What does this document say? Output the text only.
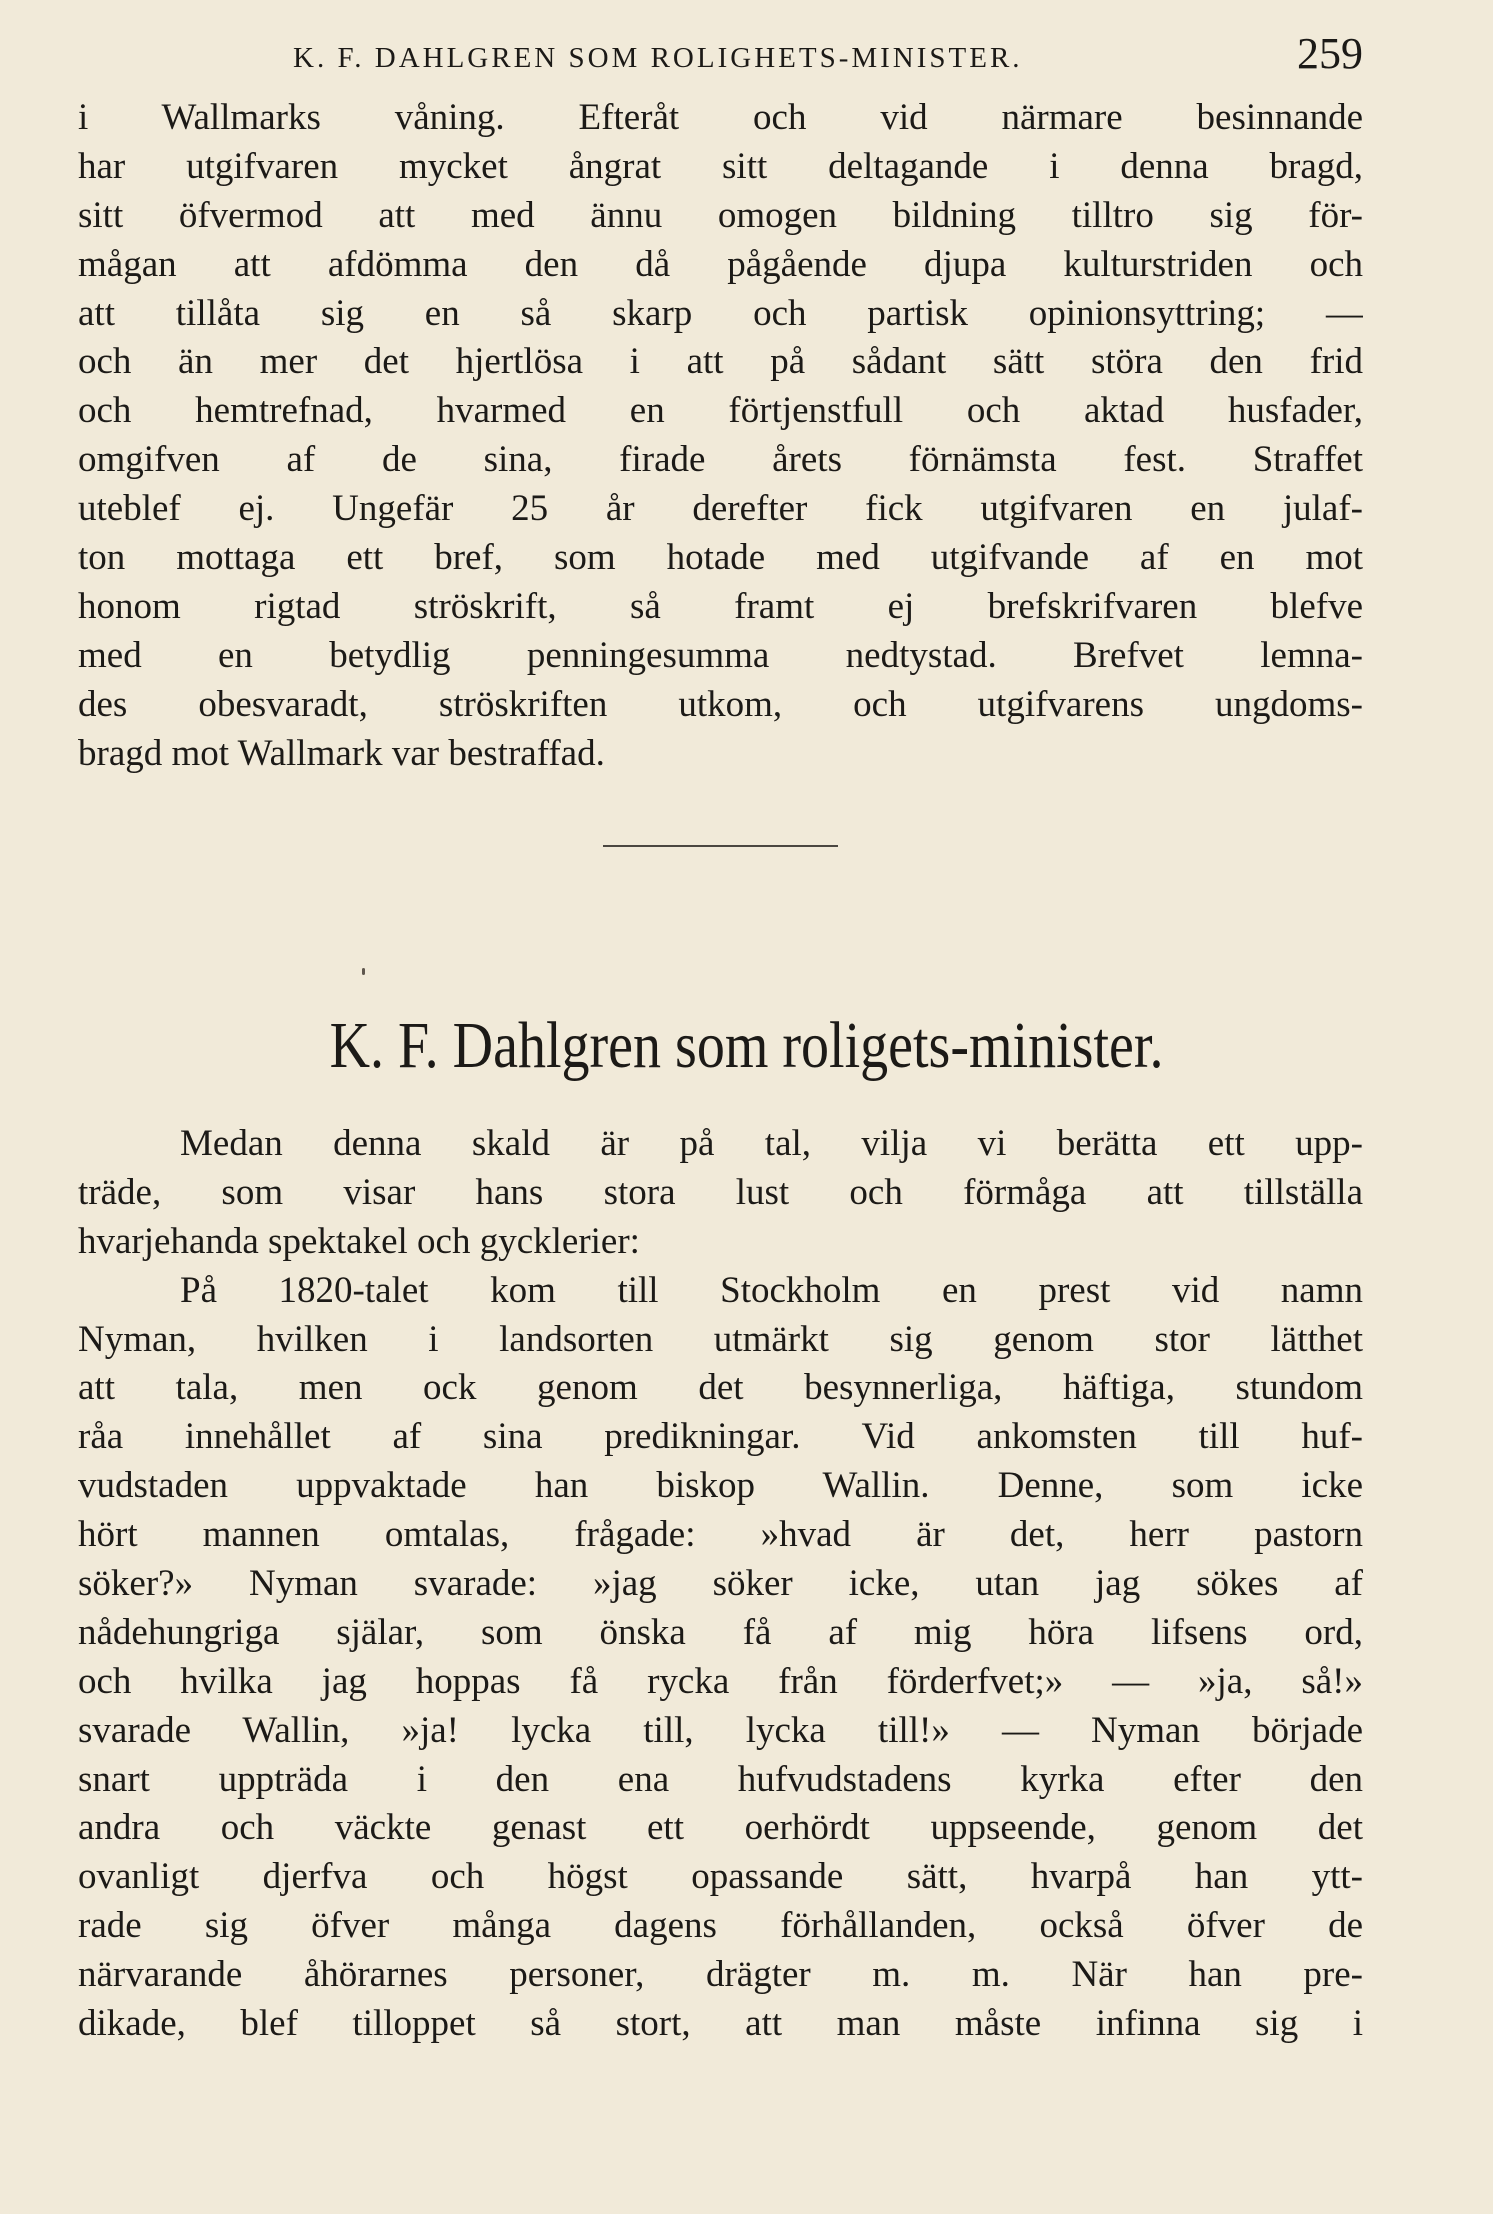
K. F. DAHLGREN SOM ROLIGHETS-MINISTER.	259
i Wallmarks våning. Efteråt och vid närmare besinnande
har utgifvaren mycket ångrat sitt deltagande i denna bragd,
sitt öfvermod att med ännu omogen bildning tilltro sig för-
mågan att afdömma den då pågående djupa kulturstriden och
att tillåta sig en så skarp och partisk opinionsyttring; —
och än mer det hjertlösa i att på sådant sätt störa den frid
och hemtrefnad, hvarmed en förtjenstfull och aktad husfader,
omgifven af de sina, firade årets förnämsta fest. Straffet
uteblef ej. Ungefär 25 år derefter fick utgifvaren en julaf-
ton mottaga ett bref, som hotade med utgifvande af en mot
honom rigtad ströskrift, så framt ej brefskrifvaren blefve
med en betydlig penningesumma nedtystad. Brefvet lemna-
des obesvaradt, ströskriften utkom, och utgifvarens ungdoms-
bragd mot Wallmark var bestraffad.
K. F. Dahlgren som roligets-minister.
Medan denna skald är på tal, vilja vi berätta ett upp-
träde, som visar hans stora lust och förmåga att tillställa
hvarjehanda spektakel och gycklerier:
På 1820-talet kom till Stockholm en prest vid namn
Nyman, hvilken i landsorten utmärkt sig genom stor lätthet
att tala, men ock genom det besynnerliga, häftiga, stundom
råa innehållet af sina predikningar. Vid ankomsten till huf-
vudstaden uppvaktade han biskop Wallin. Denne, som icke
hört mannen omtalas, frågade: »hvad är det, herr pastorn
söker?» Nyman svarade: »jag söker icke, utan jag sökes af
nådehungriga själar, som önska få af mig höra lifsens ord,
och hvilka jag hoppas få rycka från förderfvet;» — »ja, så!»
svarade Wallin, »ja! lycka till, lycka till!» — Nyman började
snart uppträda i den ena hufvudstadens kyrka efter den
andra och väckte genast ett oerhördt uppseende, genom det
ovanligt djerfva och högst opassande sätt, hvarpå han ytt-
rade sig öfver många dagens förhållanden, också öfver de
närvarande åhörarnes personer, drägter m. m. När han pre-
dikade, blef tilloppet så stort, att man måste infinna sig i
